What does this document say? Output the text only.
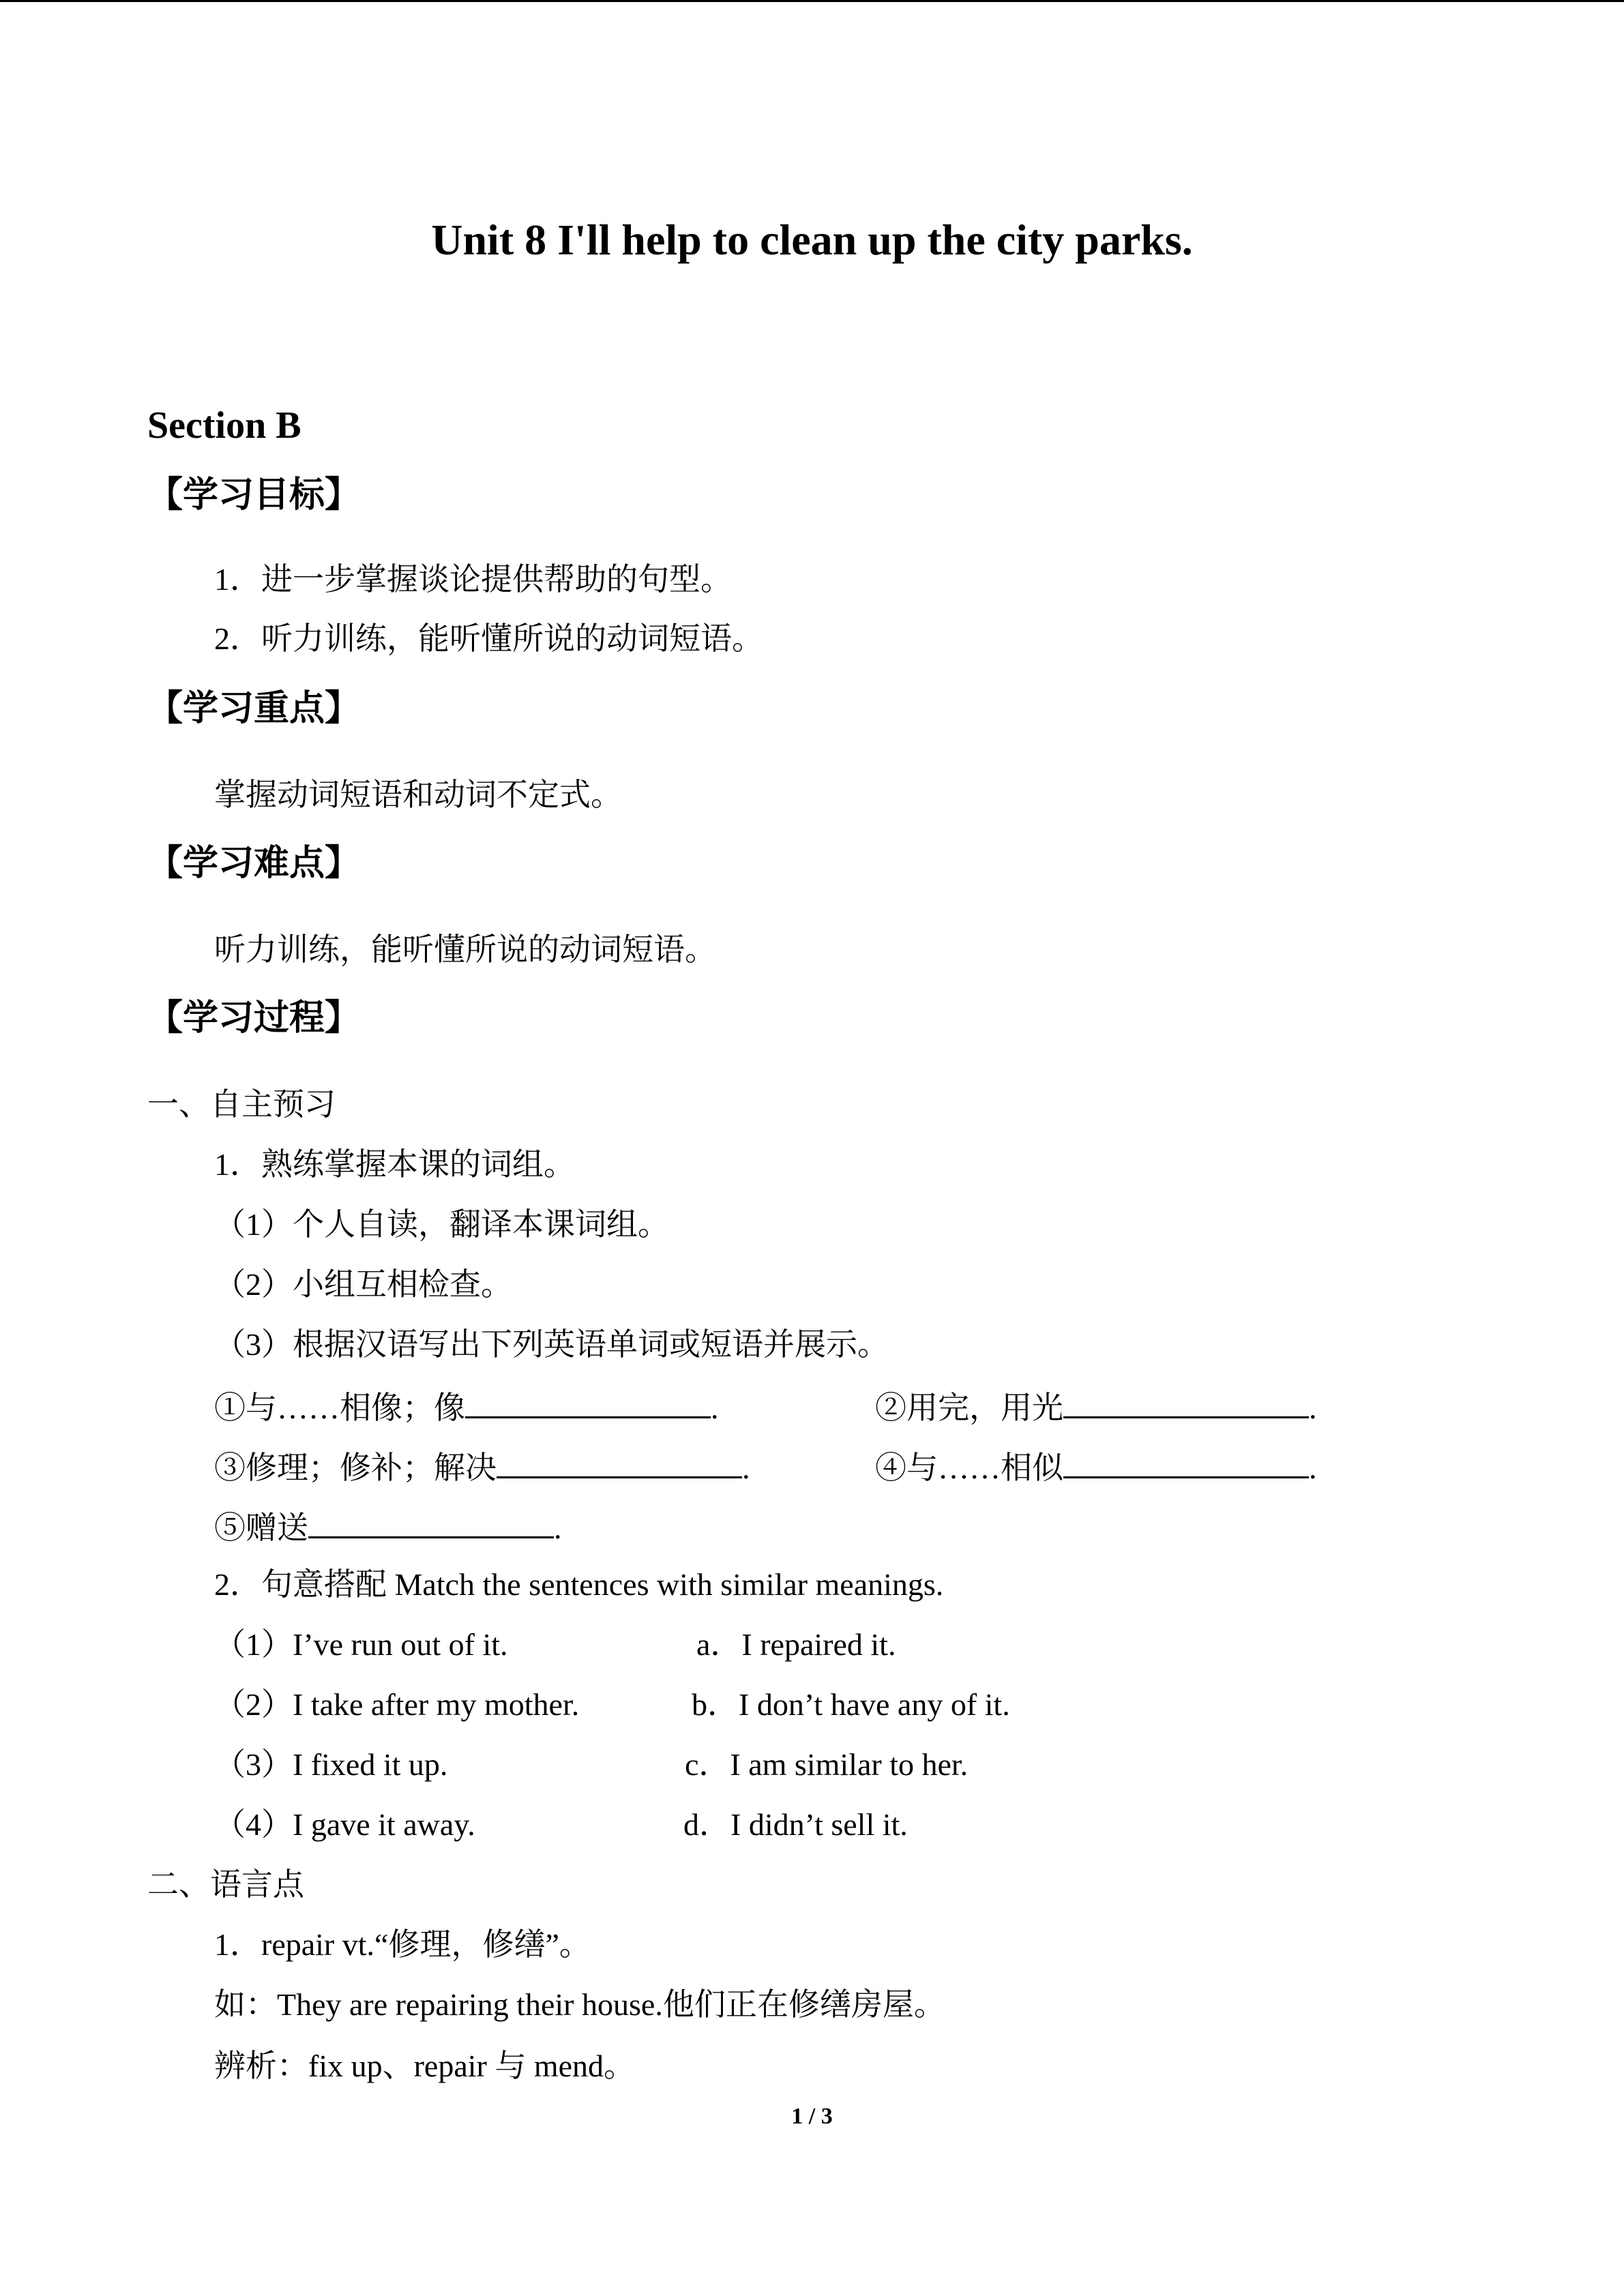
Unit 8 I'll help to clean up the city parks.
Section B
【学习目标】
1．进一步掌握谈论提供帮助的句型。
2．听力训练，能听懂所说的动词短语。
【学习重点】
掌握动词短语和动词不定式。
【学习难点】
听力训练，能听懂所说的动词短语。
【学习过程】
一、自主预习
1．熟练掌握本课的词组。
（1）个人自读，翻译本课词组。
（2）小组互相检查。
（3）根据汉语写出下列英语单词或短语并展示。
①与……相像；像	.	②用完，用光	.
③修理；修补；解决	.	④与……相似	.
⑤赠送	.
2．句意搭配 Match the sentences with similar meanings.
（1）I’ve run out of it.	a．I repaired it.
（2）I take after my mother.	b．I don’t have any of it.
（3）I fixed it up.	c．I am similar to her.
（4）I gave it away.	d．I didn’t sell it.
二、语言点
1．repair vt.“修理，修缮”。
如：They are repairing their house.他们正在修缮房屋。
辨析：fix up、repair 与 mend。
1 / 3
